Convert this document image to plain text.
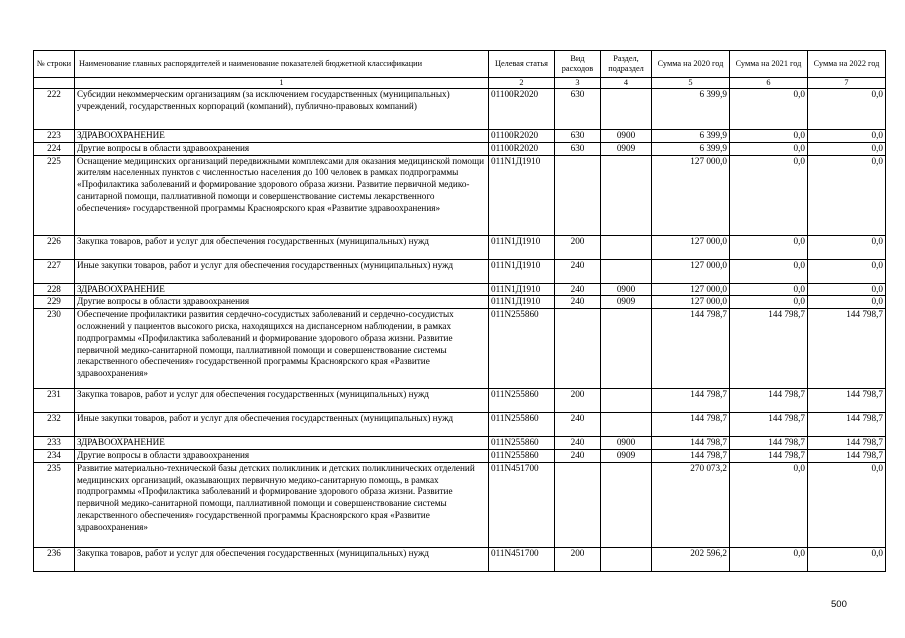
№ строки	Наименование главных распорядителей и наименование показателей бюджетной классификации	Целевая статья	Вид расходов	Раздел, подраздел	Сумма на 2020 год	Сумма на 2021 год	Сумма на 2022 год
	1	2	3	4	5	6	7
222	Субсидии некоммерческим организациям (за исключением государственных (муниципальных) учреждений, государственных корпораций (компаний), публично-правовых компаний)	01100R2020	630		6 399,9	0,0	0,0
223	ЗДРАВООХРАНЕНИЕ	01100R2020	630	0900	6 399,9	0,0	0,0
224	Другие вопросы в области здравоохранения	01100R2020	630	0909	6 399,9	0,0	0,0
225	Оснащение медицинских организаций передвижными комплексами для оказания медицинской помощи жителям населенных пунктов с численностью населения до 100 человек в рамках подпрограммы «Профилактика заболеваний и формирование здорового образа жизни. Развитие первичной медико-санитарной помощи, паллиативной помощи и совершенствование системы лекарственного обеспечения» государственной программы Красноярского края «Развитие здравоохранения»	011N1Д1910			127 000,0	0,0	0,0
226	Закупка товаров, работ и услуг для обеспечения государственных (муниципальных) нужд	011N1Д1910	200		127 000,0	0,0	0,0
227	Иные закупки товаров, работ и услуг для обеспечения государственных (муниципальных) нужд	011N1Д1910	240		127 000,0	0,0	0,0
228	ЗДРАВООХРАНЕНИЕ	011N1Д1910	240	0900	127 000,0	0,0	0,0
229	Другие вопросы в области здравоохранения	011N1Д1910	240	0909	127 000,0	0,0	0,0
230	Обеспечение профилактики развития сердечно-сосудистых заболеваний и сердечно-сосудистых осложнений у пациентов высокого риска, находящихся на диспансерном наблюдении, в рамках подпрограммы «Профилактика заболеваний и формирование здорового образа жизни. Развитие первичной медико-санитарной помощи, паллиативной помощи и совершенствование системы лекарственного обеспечения» государственной программы Красноярского края «Развитие здравоохранения»	011N255860			144 798,7	144 798,7	144 798,7
231	Закупка товаров, работ и услуг для обеспечения государственных (муниципальных) нужд	011N255860	200		144 798,7	144 798,7	144 798,7
232	Иные закупки товаров, работ и услуг для обеспечения государственных (муниципальных) нужд	011N255860	240		144 798,7	144 798,7	144 798,7
233	ЗДРАВООХРАНЕНИЕ	011N255860	240	0900	144 798,7	144 798,7	144 798,7
234	Другие вопросы в области здравоохранения	011N255860	240	0909	144 798,7	144 798,7	144 798,7
235	Развитие материально-технической базы детских поликлиник и детских поликлинических отделений медицинских организаций, оказывающих первичную медико-санитарную помощь, в рамках подпрограммы «Профилактика заболеваний и формирование здорового образа жизни. Развитие первичной медико-санитарной помощи, паллиативной помощи и совершенствование системы лекарственного обеспечения» государственной программы Красноярского края «Развитие здравоохранения»	011N451700			270 073,2	0,0	0,0
236	Закупка товаров, работ и услуг для обеспечения государственных (муниципальных) нужд	011N451700	200		202 596,2	0,0	0,0
500
